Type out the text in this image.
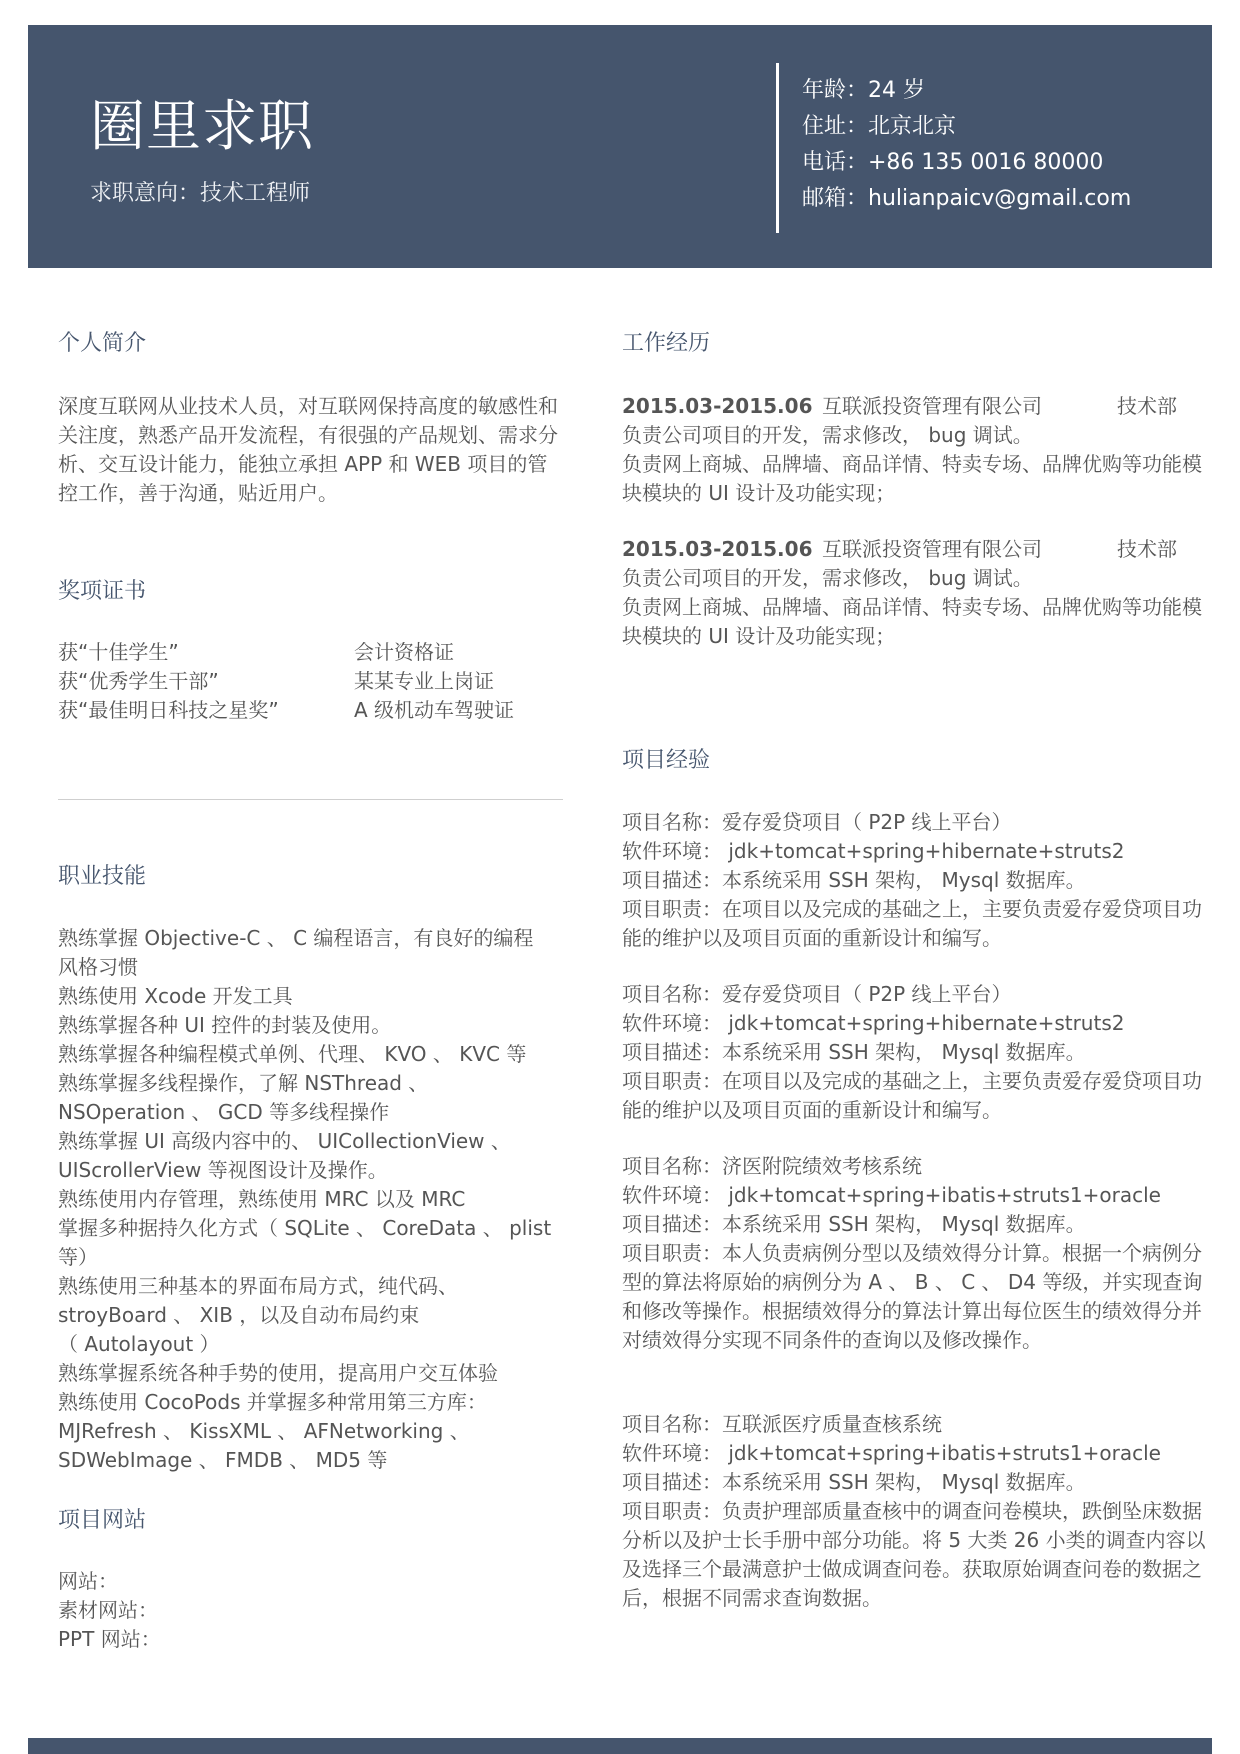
圈里求职
求职意向：技术工程师
年龄：24 岁
住址：北京北京
电话：+86 135 0016 80000
邮箱：hulianpaicv@gmail.com
个人简介
深度互联网从业技术人员，对互联网保持高度的敏感性和关注度，熟悉产品开发流程，有很强的产品规划、需求分析、交互设计能力，能独立承担 APP 和 WEB 项目的管控工作，善于沟通，贴近用户。
奖项证书
获“十佳学生”
获“优秀学生干部”
获“最佳明日科技之星奖”
会计资格证
某某专业上岗证
A 级机动车驾驶证
职业技能
熟练掌握 Objective-C 、 C 编程语言，有良好的编程
风格习惯
熟练使用 Xcode 开发工具
熟练掌握各种 UI 控件的封装及使用。
熟练掌握各种编程模式单例、代理、 KVO 、 KVC 等
熟练掌握多线程操作，了解 NSThread 、
NSOperation 、 GCD 等多线程操作
熟练掌握 UI 高级内容中的、 UICollectionView 、
UIScrollerView 等视图设计及操作。
熟练使用内存管理，熟练使用 MRC 以及 MRC
掌握多种据持久化方式（ SQLite 、 CoreData 、 plist
等）
熟练使用三种基本的界面布局方式，纯代码、
stroyBoard 、 XIB ，以及自动布局约束
（ Autolayout ）
熟练掌握系统各种手势的使用，提高用户交互体验
熟练使用 CocoPods 并掌握多种常用第三方库：
MJRefresh 、 KissXML 、 AFNetworking 、
SDWebImage 、 FMDB 、 MD5 等
项目网站
网站：
素材网站：
PPT 网站：
工作经历
2015.03-2015.06 互联派投资管理有限公司	技术部
负责公司项目的开发，需求修改， bug 调试。
负责网上商城、品牌墙、商品详情、特卖专场、品牌优购等功能模块模块的 UI 设计及功能实现；
2015.03-2015.06 互联派投资管理有限公司	技术部
负责公司项目的开发，需求修改， bug 调试。
负责网上商城、品牌墙、商品详情、特卖专场、品牌优购等功能模块模块的 UI 设计及功能实现；
项目经验
项目名称：爱存爱贷项目（ P2P 线上平台）
软件环境： jdk+tomcat+spring+hibernate+struts2
项目描述：本系统采用 SSH 架构， Mysql 数据库。
项目职责：在项目以及完成的基础之上，主要负责爱存爱贷项目功能的维护以及项目页面的重新设计和编写。
项目名称：爱存爱贷项目（ P2P 线上平台）
软件环境： jdk+tomcat+spring+hibernate+struts2
项目描述：本系统采用 SSH 架构， Mysql 数据库。
项目职责：在项目以及完成的基础之上，主要负责爱存爱贷项目功能的维护以及项目页面的重新设计和编写。
项目名称：济医附院绩效考核系统
软件环境： jdk+tomcat+spring+ibatis+struts1+oracle
项目描述：本系统采用 SSH 架构， Mysql 数据库。
项目职责：本人负责病例分型以及绩效得分计算。根据一个病例分型的算法将原始的病例分为 A 、 B 、 C 、 D4 等级，并实现查询和修改等操作。根据绩效得分的算法计算出每位医生的绩效得分并对绩效得分实现不同条件的查询以及修改操作。
项目名称：互联派医疗质量查核系统
软件环境： jdk+tomcat+spring+ibatis+struts1+oracle
项目描述：本系统采用 SSH 架构， Mysql 数据库。
项目职责：负责护理部质量查核中的调查问卷模块，跌倒坠床数据分析以及护士长手册中部分功能。将 5 大类 26 小类的调查内容以及选择三个最满意护士做成调查问卷。获取原始调查问卷的数据之后，根据不同需求查询数据。
